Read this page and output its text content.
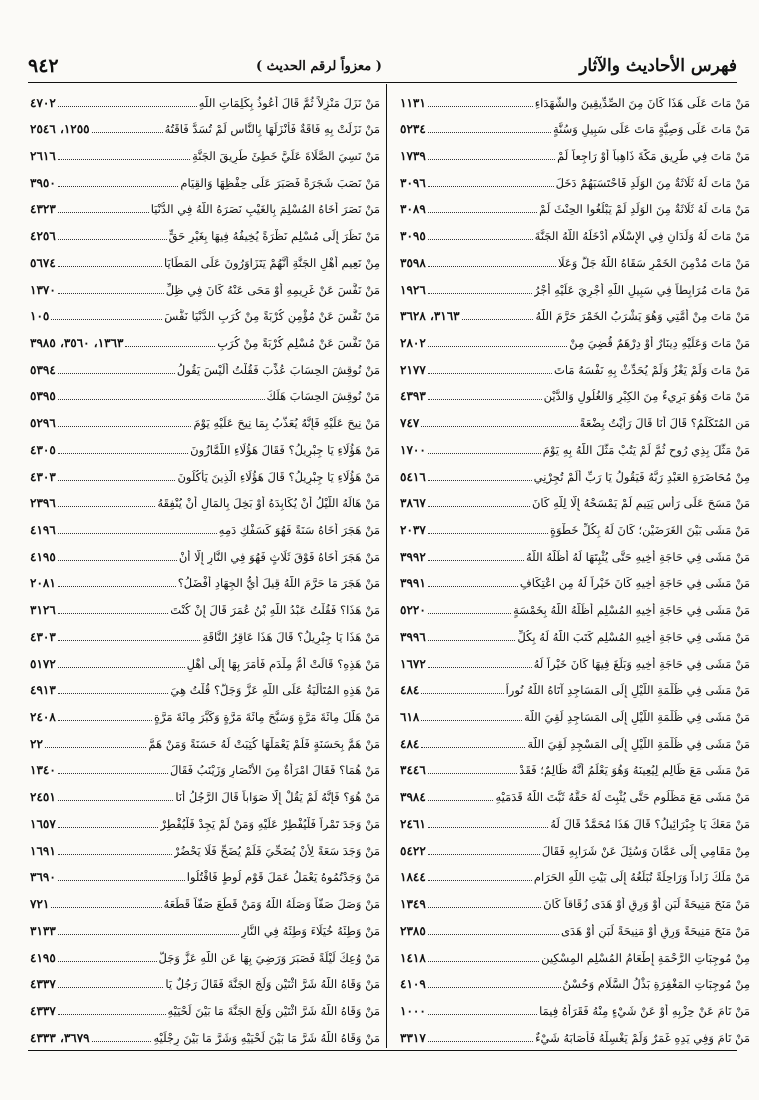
فهرس الأحاديث والآثار
( معزواً لرقم الحديث )
٩٤٢
مَنْ مَاتَ عَلَى هَذَا كَانَ مِنَ الصِّدِّيقِينَ والشُّهَدَاءِ
١١٣١
مَنْ مَاتَ عَلَى وَصِيَّةٍ مَاتَ عَلَى سَبِيلٍ وَسُنَّةٍ
٥٢٣٤
مَنْ مَاتَ فِي طَرِيقِ مَكَّةَ ذَاهِباً أَوْ رَاجِعاً لَمْ
١٧٣٩
مَنْ مَاتَ لَهُ ثَلَاثَةٌ مِنَ الوَلَدِ فَاحْتَسَبَهُمْ دَخَلَ
٣٠٩٦
مَنْ مَاتَ لَهُ ثَلَاثَةٌ مِنَ الوَلَدِ لَمْ يَبْلُغُوا الحِنْثَ لَمْ
٣٠٨٩
مَنْ مَاتَ لَهُ وَلَدَانِ فِي الإِسْلَامِ أَدْخَلَهُ اللَّهُ الجَنَّةَ
٣٠٩٥
مَنْ مَاتَ مُدْمِنَ الخَمْرِ سَقَاهُ اللَّهُ جَلَّ وَعَلَا
٣٥٩٨
مَنْ مَاتَ مُرَابِطاً فِي سَبِيلِ اللَّهِ أُجْرِيَ عَلَيْهِ أَجْرُ
١٩٢٦
مَنْ مَاتَ مِنْ أُمَّتِي وَهُوَ يَشْرَبُ الخَمْرَ حَرَّمَ اللَّهُ
٣١٦٣، ٣٦٢٨
مَنْ مَاتَ وَعَلَيْهِ دِينَارٌ أَوْ دِرْهَمٌ قُضِيَ مِنْ
٢٨٠٢
مَنْ مَاتَ وَلَمْ يَغْزُ وَلَمْ يُحَدِّثْ بِهِ نَفْسَهُ مَاتَ
٢١٧٧
مَنْ مَاتَ وَهُوَ بَرِيءٌ مِنَ الكِبْرِ وَالغُلُولِ وَالدَّيْنِ
٤٣٩٣
مَنِ المُتَكَلِّمُ؟ قَالَ أَنَا قَالَ رَأَيْتُ بِضْعَةً
٧٤٧
مَنْ مَثَّلَ بِذِي رُوحٍ ثُمَّ لَمْ يَتُبْ مَثَّلَ اللَّهُ بِهِ يَوْمَ
١٧٠٠
مِنْ مُحَاضَرَةِ العَبْدِ رَبَّهُ فَيَقُولُ يَا رَبِّ أَلَمْ تُجِرْنِي
٥٤١٦
مَنْ مَسَحَ عَلَى رَأْسِ يَتِيمٍ لَمْ يَمْسَحْهُ إِلَّا لِلَّهِ كَانَ
٣٨٦٧
مَنْ مَشَى بَيْنَ الغَرَضَيْنِ؛ كَانَ لَهُ بِكُلِّ خَطْوَةٍ
٢٠٣٧
مَنْ مَشَى فِي حَاجَةِ أَخِيهِ حَتَّى يُثْبِتَهَا لَهُ أَظَلَّهُ اللَّهُ
٣٩٩٢
مَنْ مَشَى فِي حَاجَةِ أَخِيهِ كَانَ خَيْراً لَهُ مِنِ اعْتِكَافِ
٣٩٩١
مَنْ مَشَى فِي حَاجَةِ أَخِيهِ المُسْلِمِ أَظَلَّهُ اللَّهُ بِخَمْسَةٍ
٥٢٢٠
مَنْ مَشَى فِي حَاجَةِ أَخِيهِ المُسْلِمِ كَتَبَ اللَّهُ لَهُ بِكُلِّ
٣٩٩٦
مَنْ مَشَى فِي حَاجَةِ أَخِيهِ وَبَلَغَ فِيهَا كَانَ خَيْراً لَهُ
١٦٧٢
مَنْ مَشَى فِي ظُلْمَةِ اللَّيْلِ إِلَى المَسَاجِدِ آتَاهُ اللَّهُ نُوراً
٤٨٤
مَنْ مَشَى فِي ظُلْمَةِ اللَّيْلِ إِلَى المَسَاجِدِ لَقِيَ اللَّهَ
٦١٨
مَنْ مَشَى فِي ظُلْمَةِ اللَّيْلِ إِلَى المَسْجِدِ لَقِيَ اللَّهَ
٤٨٤
مَنْ مَشَى مَعَ ظَالِمٍ لِيُعِينَهُ وَهُوَ يَعْلَمُ أَنَّهُ ظَالِمٌ؛ فَقَدْ
٣٤٤٦
مَنْ مَشَى مَعَ مَظْلُومٍ حَتَّى يُثْبِتَ لَهُ حَقَّهُ ثَبَّتَ اللَّهُ قَدَمَيْهِ
٣٩٨٤
مَنْ مَعَكَ يَا جِبْرَائِيلُ؟ قَالَ هَذَا مُحَمَّدٌ قَالَ لَهُ
٢٤٦١
مِنْ مَقَامِي إِلَى عَمَّانَ وَسُئِلَ عَنْ شَرَابِهِ فَقَالَ
٥٤٢٢
مَنْ مَلَكَ زَاداً وَرَاحِلَةً تُبَلِّغُهُ إِلَى بَيْتِ اللَّهِ الحَرَامِ
١٨٤٤
مَنْ مَنَحَ مَنِيحَةً لَبَنٍ أَوْ وَرِقٍ أَوْ هَدَى زُقَاقاً كَانَ
١٣٤٩
مَنْ مَنَحَ مَنِيحَةً وَرِقٍ أَوْ مَنِيحَةً لَبَنٍ أَوْ هَدَى
٢٣٨٥
مِنْ مُوجِبَاتِ الرَّحْمَةِ إِطْعَامُ المُسْلِمِ المِسْكِينِ
١٤١٨
مِنْ مُوجِبَاتِ المَغْفِرَةِ بَذْلُ السَّلَامِ وَحُسْنُ
٤١٠٩
مَنْ نَامَ عَنْ حِزْبِهِ أَوْ عَنْ شَيْءٍ مِنْهُ فَقَرَأَهُ فِيمَا
١٠٠٠
مَنْ نَامَ وَفِي يَدِهِ غَمَرٌ وَلَمْ يَغْسِلْهُ فَأَصَابَهُ شَيْءٌ
٣٣١٧
مَنْ نَزَلَ مَنْزِلاً ثُمَّ قَالَ أَعُوذُ بِكَلِمَاتِ اللَّهِ
٤٧٠٢
مَنْ نَزَلَتْ بِهِ فَاقَةٌ فَأَنْزَلَهَا بِالنَّاسِ لَمْ تُسَدَّ فَاقَتُهُ
١٢٥٥، ٢٥٤٦
مَنْ نَسِيَ الصَّلَاةَ عَلَيَّ خَطِئَ طَرِيقَ الجَنَّةِ
٢٦١٦
مَنْ نَصَبَ شَجَرَةً فَصَبَرَ عَلَى حِفْظِهَا وَالقِيَامِ
٣٩٥٠
مَنْ نَصَرَ أَخَاهُ المُسْلِمَ بِالغَيْبِ نَصَرَهُ اللَّهُ فِي الدُّنْيَا
٤٣٢٣
مَنْ نَظَرَ إِلَى مُسْلِمٍ نَظْرَةً يُخِيفُهُ فِيهَا بِغَيْرِ حَقٍّ
٤٢٥٦
مِنْ نَعِيمِ أَهْلِ الجَنَّةِ أَنَّهُمْ يَتَزَاوَرُونَ عَلَى المَطَايَا
٥٦٧٤
مَنْ نَفَّسَ عَنْ غَرِيمِهِ أَوْ مَحَى عَنْهُ كَانَ فِي ظِلِّ
١٣٧٠
مَنْ نَفَّسَ عَنْ مُؤْمِنٍ كُرْبَةً مِنْ كُرَبِ الدُّنْيَا نَفَّسَ
١٠٥
مَنْ نَفَّسَ عَنْ مُسْلِمٍ كُرْبَةً مِنْ كُرَبِ
١٣٦٣، ٣٥٦٠، ٣٩٨٥
مَنْ نُوقِشَ الحِسَابَ عُذِّبَ فَقُلْتُ أَلَيْسَ يَقُولُ
٥٣٩٤
مَنْ نُوقِشَ الحِسَابَ هَلَكَ
٥٣٩٥
مَنْ نِيحَ عَلَيْهِ فَإِنَّهُ يُعَذَّبُ بِمَا نِيحَ عَلَيْهِ يَوْمَ
٥٢٩٦
مَنْ هَؤُلَاءِ يَا جِبْرِيلُ؟ فَقَالَ هَؤُلَاءِ اللَّمَّازُونَ
٤٣٠٥
مَنْ هَؤُلَاءِ يَا جِبْرِيلُ؟ قَالَ هَؤُلَاءِ الَّذِينَ يَأْكُلُونَ
٤٣٠٣
مَنْ هَالَهُ اللَّيْلُ أَنْ يُكَابِدَهُ أَوْ بَخِلَ بِالمَالِ أَنْ يُنْفِقَهُ
٢٣٩٦
مَنْ هَجَرَ أَخَاهُ سَنَةً فَهُوَ كَسَفْكِ دَمِهِ
٤١٩٦
مَنْ هَجَرَ أَخَاهُ فَوْقَ ثَلَاثٍ فَهُوَ فِي النَّارِ إِلَّا أَنْ
٤١٩٥
مَنْ هَجَرَ مَا حَرَّمَ اللَّهُ قِيلَ أَيُّ الجِهَادِ أَفْضَلُ؟
٢٠٨١
مَنْ هَذَا؟ فَقُلْتُ عَبْدُ اللَّهِ بْنُ عُمَرَ قَالَ إِنْ كُنْتَ
٣١٢٦
مَنْ هَذَا يَا جِبْرِيلُ؟ قَالَ هَذَا عَاقِرُ النَّاقَةِ
٤٣٠٣
مَنْ هَذِهِ؟ قَالَتْ أُمُّ مِلْدَمٍ فَأَمَرَ بِهَا إِلَى أَهْلِ
٥١٧٢
مَنْ هَذِهِ المُتَأَلِّيَةُ عَلَى اللَّهِ عَزَّ وَجَلَّ؟ قُلْتُ هِيَ
٤٩١٣
مَنْ هَلَّلَ مِائَةَ مَرَّةٍ وَسَبَّحَ مِائَةَ مَرَّةٍ وَكَبَّرَ مِائَةَ مَرَّةٍ
٢٤٠٨
مَنْ هَمَّ بِحَسَنَةٍ فَلَمْ يَعْمَلْهَا كُتِبَتْ لَهُ حَسَنَةً وَمَنْ هَمَّ
٢٢
مَنْ هُمَا؟ فَقَالَ امْرَأَةٌ مِنَ الأَنْصَارِ وَزَيْنَبُ فَقَالَ
١٣٤٠
مَنْ هُوَ؟ فَإِنَّهُ لَمْ يَقُلْ إِلَّا صَوَاباً قَالَ الرَّجُلُ أَنَا
٢٤٥١
مَنْ وَجَدَ تَمْراً فَلْيُفْطِرْ عَلَيْهِ وَمَنْ لَمْ يَجِدْ فَلْيُفْطِرْ
١٦٥٧
مَنْ وَجَدَ سَعَةً لِأَنْ يُضَحِّيَ فَلَمْ يُضَحِّ فَلَا يَحْضُرْ
١٦٩١
مَنْ وَجَدْتُمُوهُ يَعْمَلُ عَمَلَ قَوْمِ لُوطٍ فَاقْتُلُوا
٣٦٩٠
مَنْ وَصَلَ صَفّاً وَصَلَهُ اللَّهُ وَمَنْ قَطَعَ صَفّاً قَطَعَهُ
٧٢١
مَنْ وَطِئَهُ خُيَلَاءَ وَطِئَهُ فِي النَّارِ
٣١٣٣
مَنْ وُعِكَ لَيْلَةً فَصَبَرَ وَرَضِيَ بِهَا عَنِ اللَّهِ عَزَّ وَجَلَّ
٤١٩٥
مَنْ وَقَاهُ اللَّهُ شَرَّ اثْنَيْنِ وَلَجَ الجَنَّةَ فَقَالَ رَجُلٌ يَا
٤٣٣٧
مَنْ وَقَاهُ اللَّهُ شَرَّ اثْنَيْنِ وَلَجَ الجَنَّةَ مَا بَيْنَ لَحْيَيْهِ
٤٣٣٧
مَنْ وَقَاهُ اللَّهُ شَرَّ مَا بَيْنَ لَحْيَيْهِ وَشَرَّ مَا بَيْنَ رِجْلَيْهِ
٣٦٧٩، ٤٣٣٣
